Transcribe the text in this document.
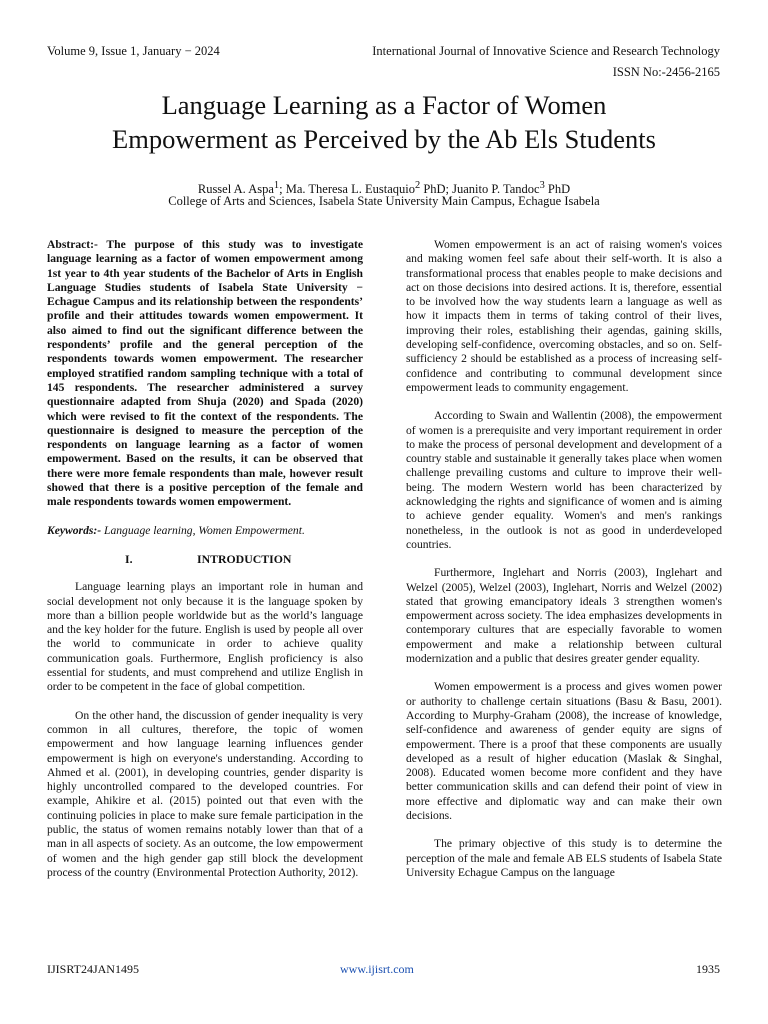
Volume 9, Issue 1, January − 2024	International Journal of Innovative Science and Research Technology
ISSN No:-2456-2165
Language Learning as a Factor of Women
Empowerment as Perceived by the Ab Els Students
Russel A. Aspa$^1$; Ma. Theresa L. Eustaquio$^2$ PhD; Juanito P. Tandoc$^3$ PhD
College of Arts and Sciences, Isabela State University Main Campus, Echague Isabela

Abstract:- The purpose of this study was to investigate language learning as a factor of women empowerment among 1st year to 4th year students of the Bachelor of Arts in English Language Studies students of Isabela State University − Echague Campus and its relationship between the respondents’ profile and their attitudes towards women empowerment. It also aimed to find out the significant difference between the respondents’ profile and the general perception of the respondents towards women empowerment. The researcher employed stratified random sampling technique with a total of 145 respondents. The researcher administered a survey questionnaire adapted from Shuja (2020) and Spada (2020) which were revised to fit the context of the respondents. The questionnaire is designed to measure the perception of the respondents on language learning as a factor of women empowerment. Based on the results, it can be observed that there were more female respondents than male, however result showed that there is a positive perception of the female and male respondents towards women empowerment.

Keywords:- Language learning, Women Empowerment.

I.	INTRODUCTION

Language learning plays an important role in human and social development not only because it is the language spoken by more than a billion people worldwide but as the world’s language and the key holder for the future. English is used by people all over the world to communicate in order to achieve quality communication goals. Furthermore, English proficiency is also essential for students, and must comprehend and utilize English in order to be competent in the face of global competition.

On the other hand, the discussion of gender inequality is very common in all cultures, therefore, the topic of women empowerment and how language learning influences gender empowerment is high on everyone's understanding. According to Ahmed et al. (2001), in developing countries, gender disparity is highly uncontrolled compared to the developed countries. For example, Ahikire et al. (2015) pointed out that even with the continuing policies in place to make sure female participation in the public, the status of women remains notably lower than that of a man in all aspects of society. As an outcome, the low empowerment of women and the high gender gap still block the development process of the country (Environmental Protection Authority, 2012).

Women empowerment is an act of raising women's voices and making women feel safe about their self-worth. It is also a transformational process that enables people to make decisions and act on those decisions into desired actions. It is, therefore, essential to be involved how the way students learn a language as well as how it impacts them in terms of taking control of their lives, improving their roles, establishing their agendas, gaining skills, developing self-confidence, overcoming obstacles, and so on. Self-sufficiency 2 should be established as a process of increasing self-confidence and contributing to communal development since empowerment leads to community engagement.

According to Swain and Wallentin (2008), the empowerment of women is a prerequisite and very important requirement in order to make the process of personal development and development of a country stable and sustainable it generally takes place when women challenge prevailing customs and culture to improve their well-being. The modern Western world has been characterized by acknowledging the rights and significance of women and is aiming to achieve gender equality. Women's and men's rankings nonetheless, in the outlook is not as good in underdeveloped countries.

Furthermore, Inglehart and Norris (2003), Inglehart and Welzel (2005), Welzel (2003), Inglehart, Norris and Welzel (2002) stated that growing emancipatory ideals 3 strengthen women's empowerment across society. The idea emphasizes developments in contemporary cultures that are especially favorable to women empowerment and make a relationship between cultural modernization and a public that desires greater gender equality.

Women empowerment is a process and gives women power or authority to challenge certain situations (Basu & Basu, 2001). According to Murphy-Graham (2008), the increase of knowledge, self-confidence and awareness of gender equity are signs of empowerment. There is a proof that these components are usually developed as a result of higher education (Maslak & Singhal, 2008). Educated women become more confident and they have better communication skills and can defend their point of view in more effective and diplomatic way and can make their own decisions.

The primary objective of this study is to determine the perception of the male and female AB ELS students of Isabela State University Echague Campus on the language

IJISRT24JAN1495	www.ijisrt.com	1935
